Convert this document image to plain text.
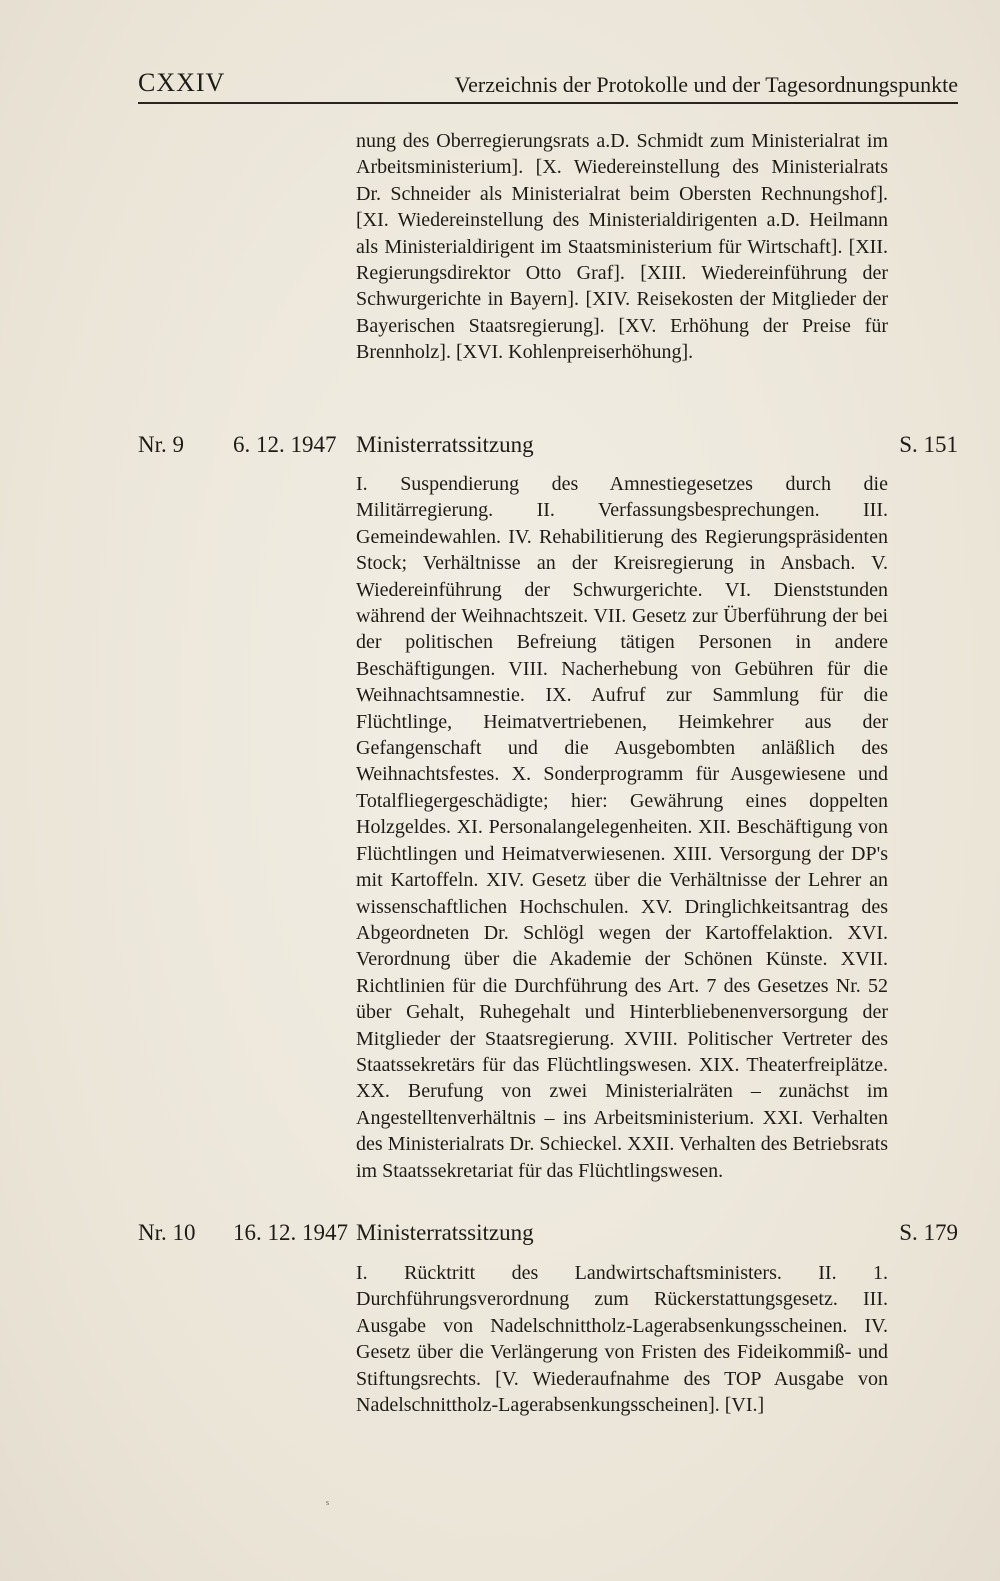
CXXIV	Verzeichnis der Protokolle und der Tagesordnungspunkte
nung des Oberregierungsrats a.D. Schmidt zum Ministerialrat im Arbeitsministerium]. [X. Wiedereinstellung des Ministerialrats Dr. Schneider als Ministerialrat beim Obersten Rechnungshof]. [XI. Wiedereinstellung des Ministerialdirigenten a.D. Heilmann als Ministerialdirigent im Staatsministerium für Wirtschaft]. [XII. Regierungsdirektor Otto Graf]. [XIII. Wiedereinführung der Schwurgerichte in Bayern]. [XIV. Reisekosten der Mitglieder der Bayerischen Staatsregierung]. [XV. Erhöhung der Preise für Brennholz]. [XVI. Kohlenpreiserhöhung].
Nr. 9 6. 12. 1947 Ministerratssitzung	S. 151
I. Suspendierung des Amnestiegesetzes durch die Militärregierung. II. Verfassungsbesprechungen. III. Gemeindewahlen. IV. Rehabilitierung des Regierungspräsidenten Stock; Verhältnisse an der Kreisregierung in Ansbach. V. Wiedereinführung der Schwurgerichte. VI. Dienststunden während der Weihnachtszeit. VII. Gesetz zur Überführung der bei der politischen Befreiung tätigen Personen in andere Beschäftigungen. VIII. Nacherhebung von Gebühren für die Weihnachtsamnestie. IX. Aufruf zur Sammlung für die Flüchtlinge, Heimatvertriebenen, Heimkehrer aus der Gefangenschaft und die Ausgebombten anläßlich des Weihnachtsfestes. X. Sonderprogramm für Ausgewiesene und Totalfliegergeschädigte; hier: Gewährung eines doppelten Holzgeldes. XI. Personalangelegenheiten. XII. Beschäftigung von Flüchtlingen und Heimatverwiesenen. XIII. Versorgung der DP's mit Kartoffeln. XIV. Gesetz über die Verhältnisse der Lehrer an wissenschaftlichen Hochschulen. XV. Dringlichkeitsantrag des Abgeordneten Dr. Schlögl wegen der Kartoffelaktion. XVI. Verordnung über die Akademie der Schönen Künste. XVII. Richtlinien für die Durchführung des Art. 7 des Gesetzes Nr. 52 über Gehalt, Ruhegehalt und Hinterbliebenenversorgung der Mitglieder der Staatsregierung. XVIII. Politischer Vertreter des Staatssekretärs für das Flüchtlingswesen. XIX. Theaterfreiplätze. XX. Berufung von zwei Ministerialräten – zunächst im Angestelltenverhältnis – ins Arbeitsministerium. XXI. Verhalten des Ministerialrats Dr. Schieckel. XXII. Verhalten des Betriebsrats im Staatssekretariat für das Flüchtlingswesen.
Nr. 10 16. 12. 1947 Ministerratssitzung	S. 179
I. Rücktritt des Landwirtschaftsministers. II. 1. Durchführungsverordnung zum Rückerstattungsgesetz. III. Ausgabe von Nadelschnittholz-Lagerabsenkungsscheinen. IV. Gesetz über die Verlängerung von Fristen des Fideikommiß- und Stiftungsrechts. [V. Wiederaufnahme des TOP Ausgabe von Nadelschnittholz-Lagerabsenkungsscheinen]. [VI.]
ˢ
